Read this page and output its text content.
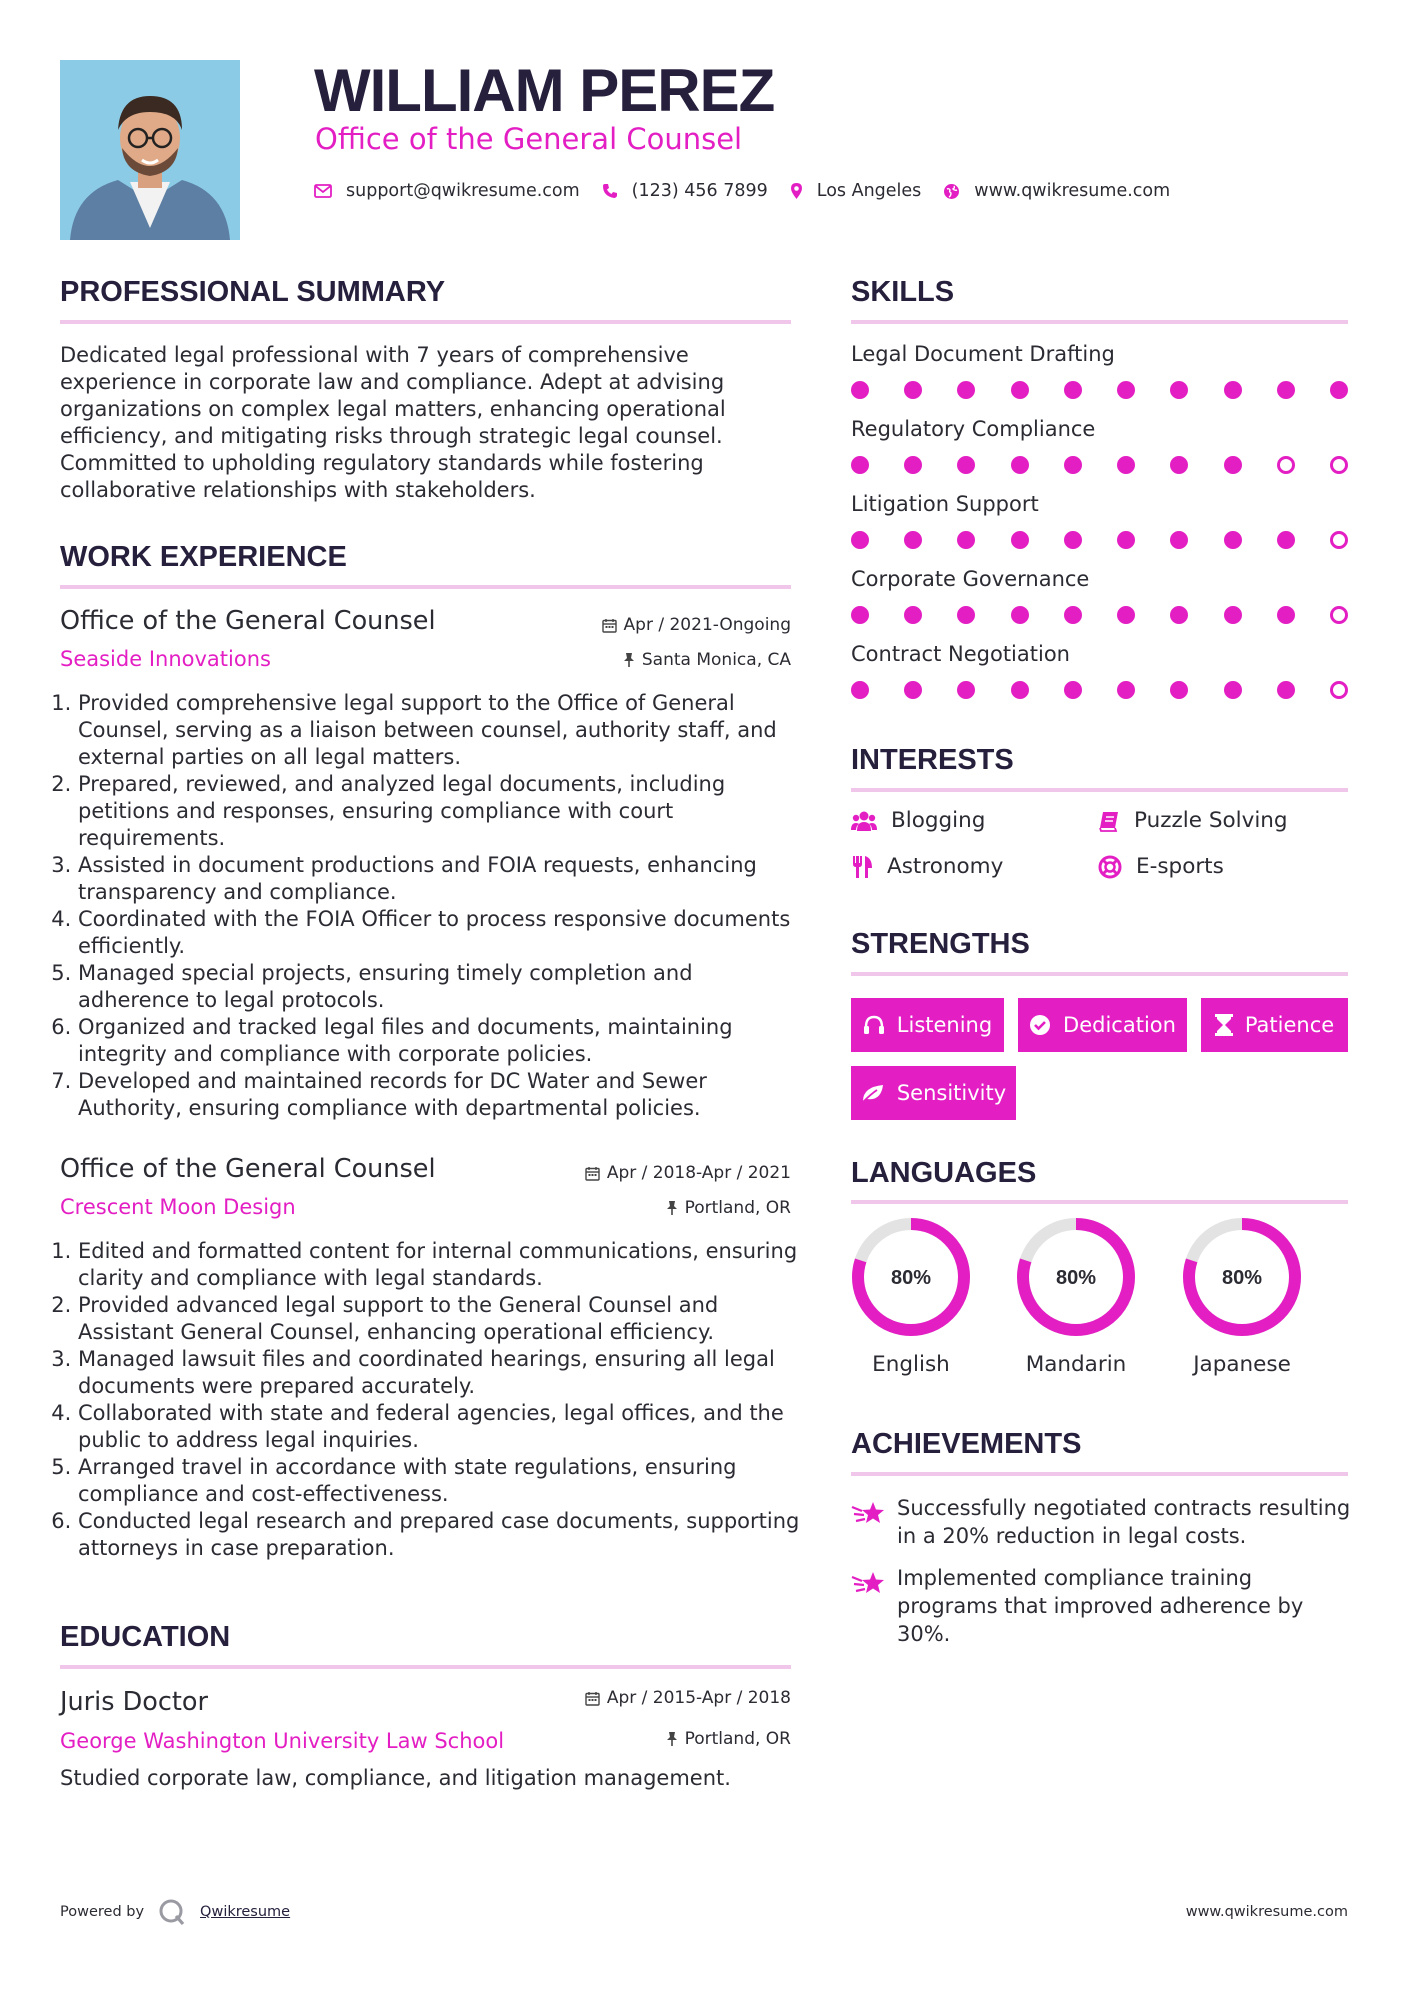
WILLIAM PEREZ
Office of the General Counsel
support@qwikresume.com	(123) 456 7899	Los Angeles	www.qwikresume.com
PROFESSIONAL SUMMARY
Dedicated legal professional with 7 years of comprehensive experience in corporate law and compliance. Adept at advising organizations on complex legal matters, enhancing operational efficiency, and mitigating risks through strategic legal counsel. Committed to upholding regulatory standards while fostering collaborative relationships with stakeholders.
WORK EXPERIENCE
Office of the General Counsel	Apr / 2021-Ongoing
Seaside Innovations	Santa Monica, CA
1. Provided comprehensive legal support to the Office of General Counsel, serving as a liaison between counsel, authority staff, and external parties on all legal matters.
2. Prepared, reviewed, and analyzed legal documents, including petitions and responses, ensuring compliance with court requirements.
3. Assisted in document productions and FOIA requests, enhancing transparency and compliance.
4. Coordinated with the FOIA Officer to process responsive documents efficiently.
5. Managed special projects, ensuring timely completion and adherence to legal protocols.
6. Organized and tracked legal files and documents, maintaining integrity and compliance with corporate policies.
7. Developed and maintained records for DC Water and Sewer Authority, ensuring compliance with departmental policies.
Office of the General Counsel	Apr / 2018-Apr / 2021
Crescent Moon Design	Portland, OR
1. Edited and formatted content for internal communications, ensuring clarity and compliance with legal standards.
2. Provided advanced legal support to the General Counsel and Assistant General Counsel, enhancing operational efficiency.
3. Managed lawsuit files and coordinated hearings, ensuring all legal documents were prepared accurately.
4. Collaborated with state and federal agencies, legal offices, and the public to address legal inquiries.
5. Arranged travel in accordance with state regulations, ensuring compliance and cost-effectiveness.
6. Conducted legal research and prepared case documents, supporting attorneys in case preparation.
EDUCATION
Juris Doctor	Apr / 2015-Apr / 2018
George Washington University Law School	Portland, OR
Studied corporate law, compliance, and litigation management.
SKILLS
Legal Document Drafting
Regulatory Compliance
Litigation Support
Corporate Governance
Contract Negotiation
INTERESTS
Blogging	Puzzle Solving
Astronomy	E-sports
STRENGTHS
Listening	Dedication	Patience
Sensitivity
LANGUAGES
80%
English
80%
Mandarin
80%
Japanese
ACHIEVEMENTS
Successfully negotiated contracts resulting in a 20% reduction in legal costs.
Implemented compliance training programs that improved adherence by 30%.
Powered by	Qwikresume	www.qwikresume.com
